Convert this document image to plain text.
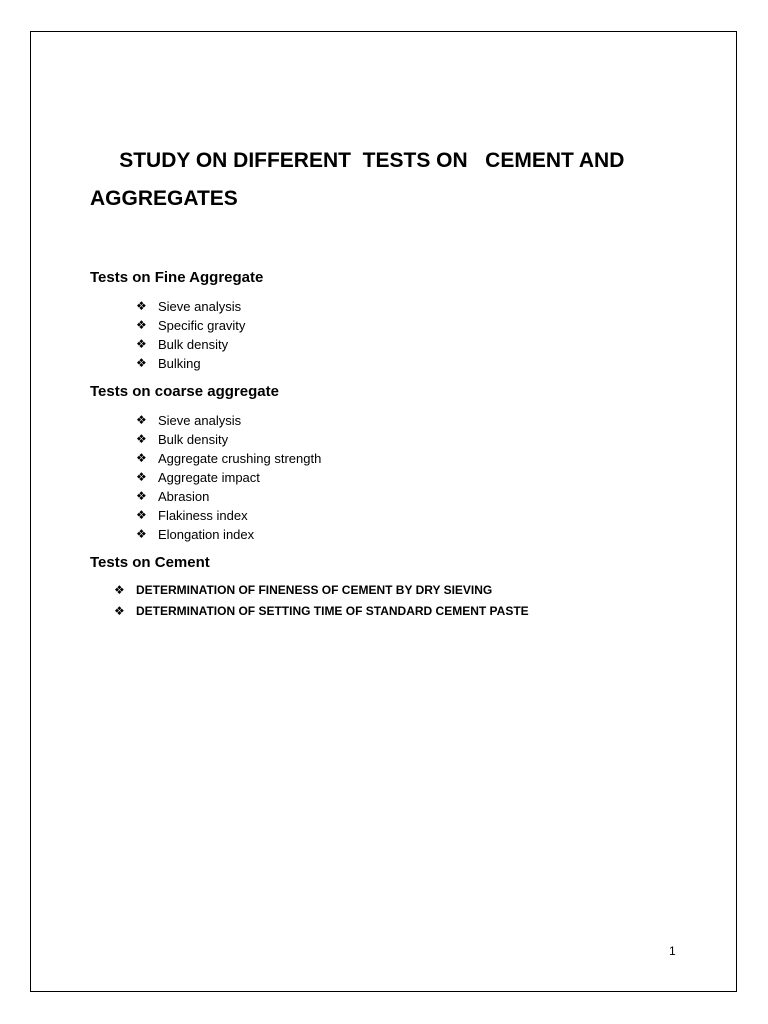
STUDY ON DIFFERENT  TESTS ON   CEMENT AND AGGREGATES
Tests on Fine Aggregate
❖ Sieve analysis
❖ Specific gravity
❖ Bulk density
❖ Bulking
Tests on coarse aggregate
❖ Sieve analysis
❖ Bulk density
❖ Aggregate crushing strength
❖ Aggregate impact
❖ Abrasion
❖ Flakiness index
❖ Elongation index
Tests on Cement
❖ DETERMINATION OF FINENESS OF CEMENT BY DRY SIEVING
❖ DETERMINATION OF SETTING TIME OF STANDARD CEMENT PASTE
1
